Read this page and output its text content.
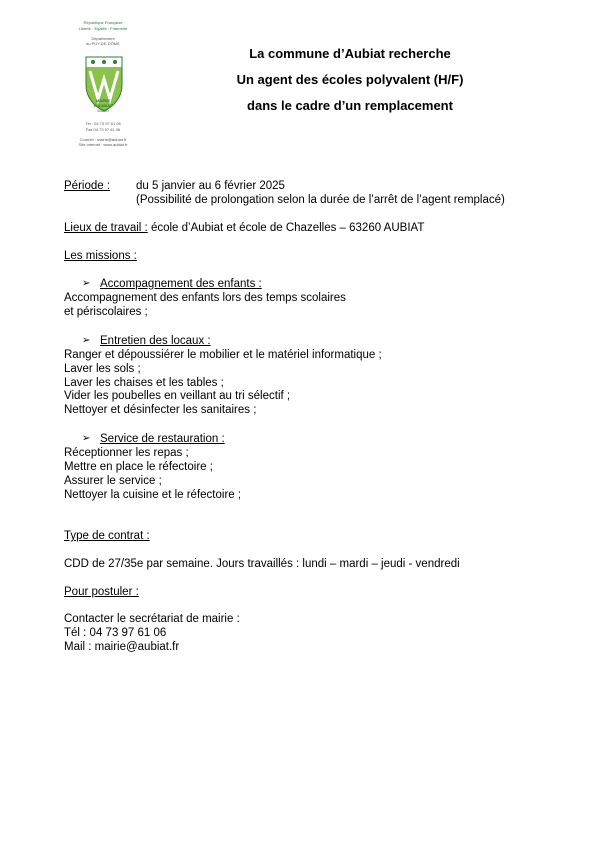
République Française
Liberté · Égalité · Fraternité
Département
du PUY-DE-DÔME
MAIRIE
D'AUBIAT
63260
Tél : 04 73 97 61 06
Fax 04 73 97 61 06
Courriel : mairie@aubiat.fr
Site Internet : www.aubiat.fr
La commune d’Aubiat recherche
Un agent des écoles polyvalent (H/F)
dans le cadre d’un remplacement
Période : du 5 janvier au 6 février 2025
(Possibilité de prolongation selon la durée de l’arrêt de l’agent remplacé)
Lieux de travail : école d’Aubiat et école de Chazelles – 63260 AUBIAT
Les missions :
➢ Accompagnement des enfants :
Accompagnement des enfants lors des temps scolaires
et périscolaires ;
➢ Entretien des locaux :
Ranger et dépoussiérer le mobilier et le matériel informatique ;
Laver les sols ;
Laver les chaises et les tables ;
Vider les poubelles en veillant au tri sélectif ;
Nettoyer et désinfecter les sanitaires ;
➢ Service de restauration :
Réceptionner les repas ;
Mettre en place le réfectoire ;
Assurer le service ;
Nettoyer la cuisine et le réfectoire ;
Type de contrat :
CDD de 27/35e par semaine. Jours travaillés : lundi – mardi – jeudi - vendredi
Pour postuler :
Contacter le secrétariat de mairie :
Tél : 04 73 97 61 06
Mail : mairie@aubiat.fr
